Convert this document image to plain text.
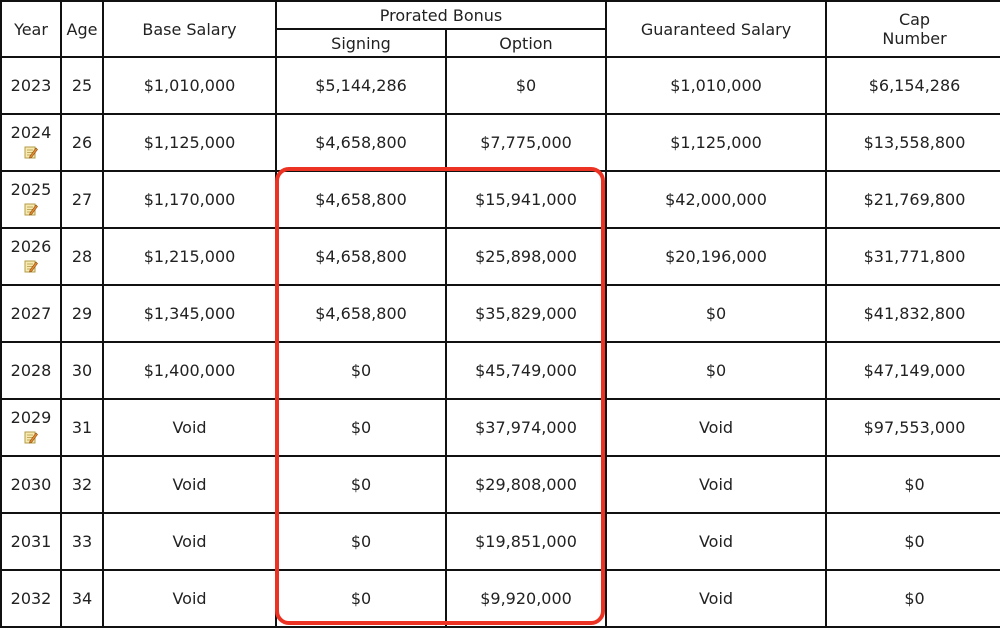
Year	Age	Base Salary	Prorated Bonus		Guaranteed Salary	Cap
Number
			Signing	Option		
2023	25	$1,010,000	$5,144,286	$0	$1,010,000	$6,154,286
2024	26	$1,125,000	$4,658,800	$7,775,000	$1,125,000	$13,558,800
2025	27	$1,170,000	$4,658,800	$15,941,000	$42,000,000	$21,769,800
2026	28	$1,215,000	$4,658,800	$25,898,000	$20,196,000	$31,771,800
2027	29	$1,345,000	$4,658,800	$35,829,000	$0	$41,832,800
2028	30	$1,400,000	$0	$45,749,000	$0	$47,149,000
2029	31	Void	$0	$37,974,000	Void	$97,553,000
2030	32	Void	$0	$29,808,000	Void	$0
2031	33	Void	$0	$19,851,000	Void	$0
2032	34	Void	$0	$9,920,000	Void	$0
